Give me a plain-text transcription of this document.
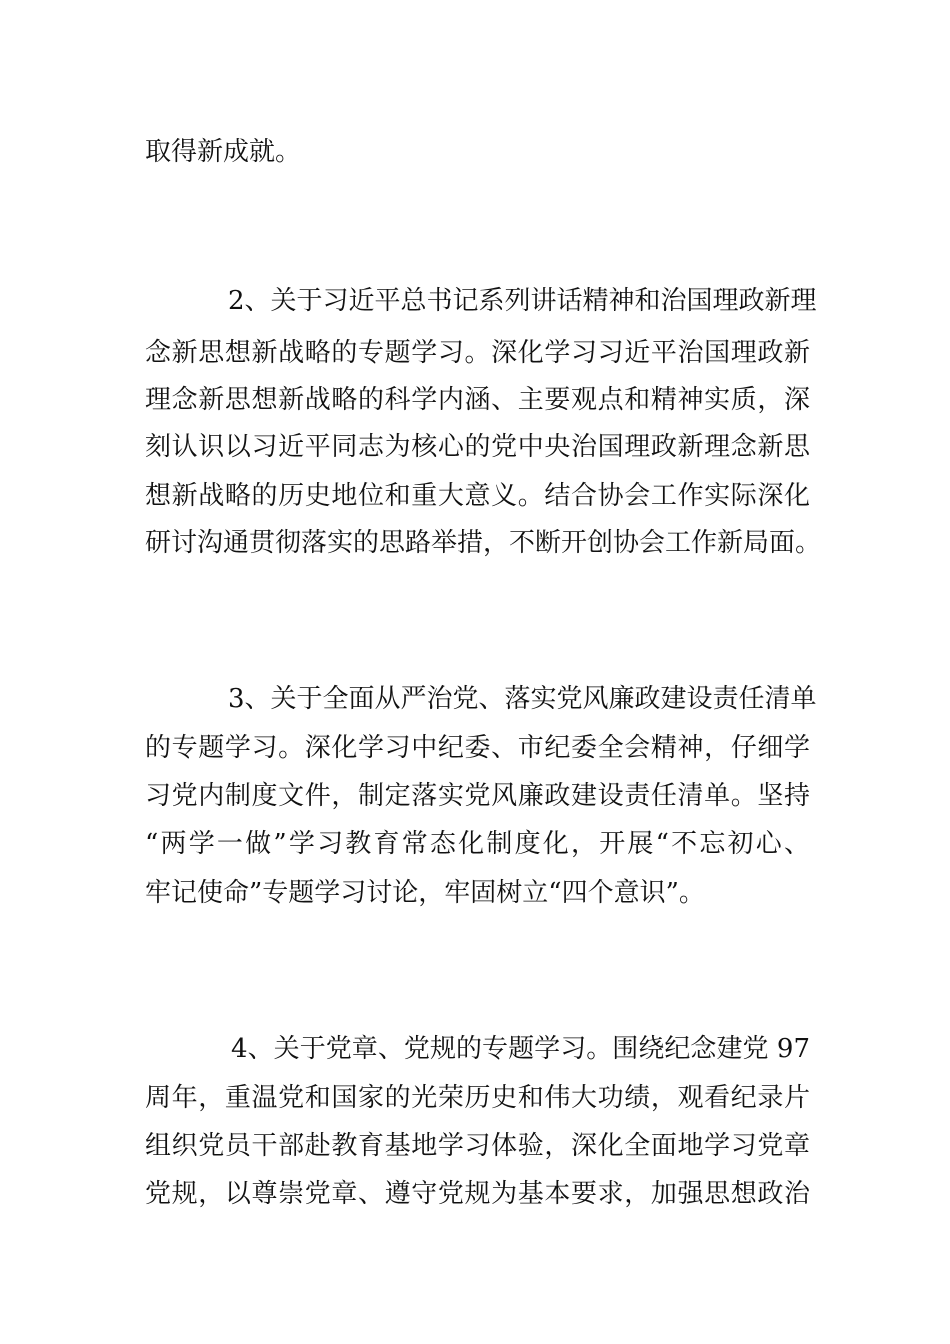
取得新成就。
2、关于习近平总书记系列讲话精神和治国理政新理
念新思想新战略的专题学习。深化学习习近平治国理政新
理念新思想新战略的科学内涵、主要观点和精神实质，深
刻认识以习近平同志为核心的党中央治国理政新理念新思
想新战略的历史地位和重大意义。结合协会工作实际深化
研讨沟通贯彻落实的思路举措，不断开创协会工作新局面。
3、关于全面从严治党、落实党风廉政建设责任清单
的专题学习。深化学习中纪委、市纪委全会精神，仔细学
习党内制度文件，制定落实党风廉政建设责任清单。坚持
“两学一做”学习教育常态化制度化，开展“不忘初心、
牢记使命”专题学习讨论，牢固树立“四个意识”。
4、关于党章、党规的专题学习。围绕纪念建党 97
周年，重温党和国家的光荣历史和伟大功绩，观看纪录片
组织党员干部赴教育基地学习体验，深化全面地学习党章
党规，以尊崇党章、遵守党规为基本要求，加强思想政治
